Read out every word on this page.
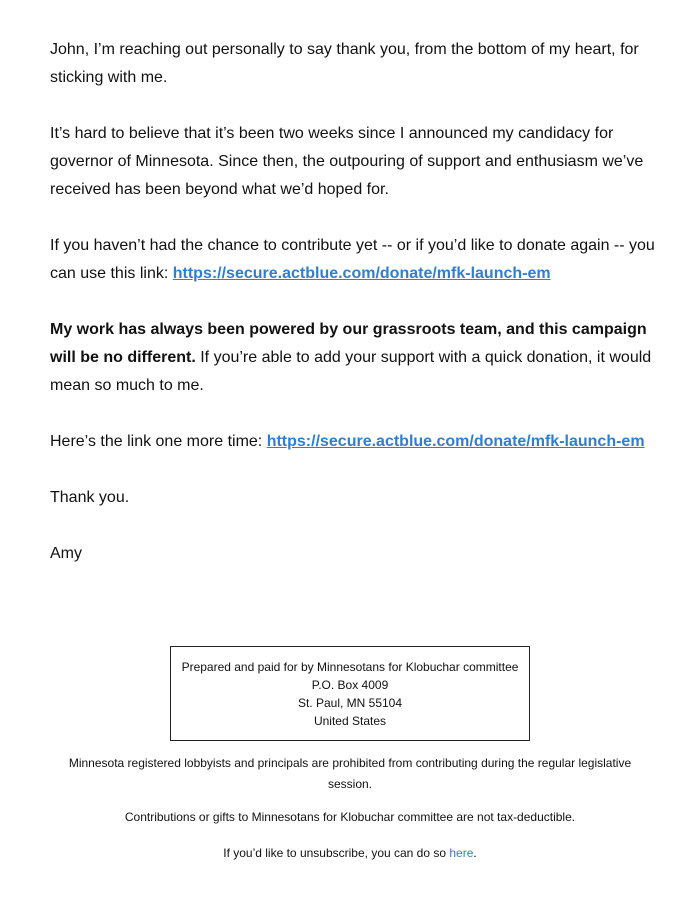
John, I’m reaching out personally to say thank you, from the bottom of my heart, for sticking with me.

It’s hard to believe that it’s been two weeks since I announced my candidacy for governor of Minnesota. Since then, the outpouring of support and enthusiasm we’ve received has been beyond what we’d hoped for.

If you haven’t had the chance to contribute yet -- or if you’d like to donate again -- you can use this link: https://secure.actblue.com/donate/mfk-launch-em

My work has always been powered by our grassroots team, and this campaign will be no different. If you’re able to add your support with a quick donation, it would mean so much to me.

Here’s the link one more time: https://secure.actblue.com/donate/mfk-launch-em

Thank you.

Amy

Prepared and paid for by Minnesotans for Klobuchar committee
P.O. Box 4009
St. Paul, MN 55104
United States
Minnesota registered lobbyists and principals are prohibited from contributing during the regular legislative session.
Contributions or gifts to Minnesotans for Klobuchar committee are not tax-deductible.
If you’d like to unsubscribe, you can do so here.
